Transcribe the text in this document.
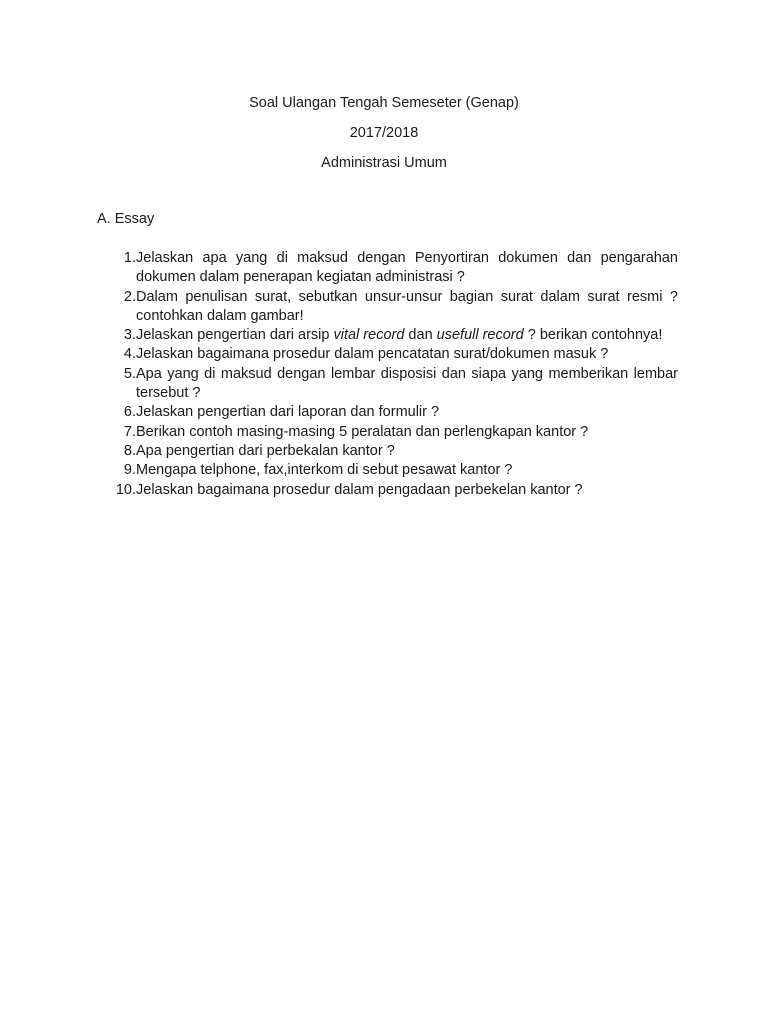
Soal Ulangan Tengah Semeseter (Genap)
2017/2018
Administrasi Umum
A. Essay
1. Jelaskan apa yang di maksud dengan Penyortiran dokumen dan pengarahan dokumen dalam penerapan kegiatan administrasi ?
2. Dalam penulisan surat, sebutkan unsur-unsur bagian surat dalam surat resmi ? contohkan dalam gambar!
3. Jelaskan pengertian dari arsip vital record dan usefull record ? berikan contohnya!
4. Jelaskan bagaimana prosedur dalam pencatatan surat/dokumen masuk ?
5. Apa yang di maksud dengan lembar disposisi dan siapa yang memberikan lembar tersebut ?
6. Jelaskan pengertian dari laporan dan formulir ?
7. Berikan contoh masing-masing 5 peralatan dan perlengkapan kantor ?
8. Apa pengertian dari perbekalan kantor ?
9. Mengapa telphone, fax,interkom di sebut pesawat kantor ?
10. Jelaskan bagaimana prosedur dalam pengadaan perbekelan kantor ?
